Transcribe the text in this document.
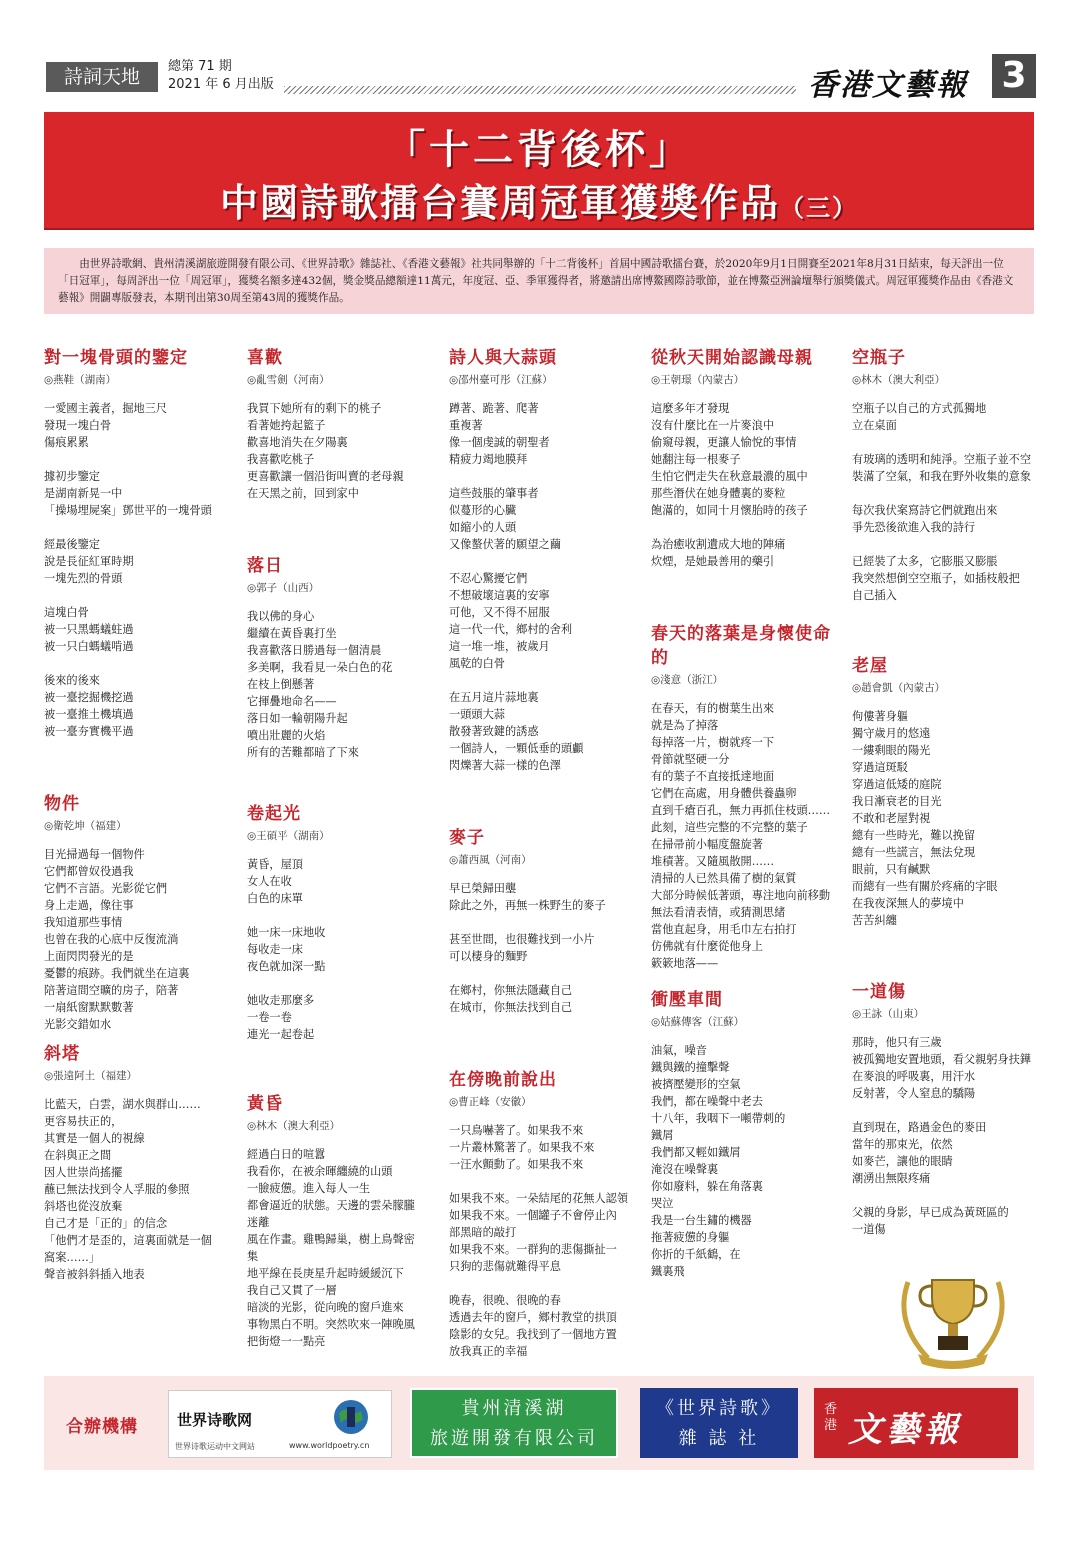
詩詞天地	總第 71 期
2021 年 6 月出版	香港文藝報 3
「十二背後杯」
中國詩歌擂台賽周冠軍獲獎作品（三）
由世界詩歌網、貴州清溪湖旅遊開發有限公司、《世界詩歌》雜誌社、《香港文藝報》社共同舉辦的「十二背後杯」首屆中國詩歌擂台賽，於2020年9月1日開賽至2021年8月31日結束，每天評出一位「日冠軍」，每周評出一位「周冠軍」，獲獎名額多達432個，獎金獎品總額達11萬元，年度冠、亞、季軍獲得者，將邀請出席博鰲國際詩歌節，並在博鰲亞洲論壇舉行頒獎儀式。周冠軍獲獎作品由《香港文藝報》開闢專版發表，本期刊出第30周至第43周的獲獎作品。
對一塊骨頭的鑒定
◎燕鞋（湖南）
一愛國主義者，掘地三尺
發現一塊白骨
傷痕累累
據初步鑒定
是湖南新晃一中
「操場埋屍案」鄧世平的一塊骨頭
經最後鑒定
說是長征紅軍時期
一塊先烈的骨頭
這塊白骨
被一只黑螞蟻蛀過
被一只白螞蟻啃過
後來的後來
被一臺挖掘機挖過
被一臺推土機填過
被一臺夯實機平過
物件
◎衛乾坤（福建）
目光掃過每一個物件
它們都曾奴役過我
它們不言語。光影從它們
身上走過，像往事
我知道那些事情
也曾在我的心底中反復流淌
上面閃閃發光的是
憂鬱的痕跡。我們就坐在這裏
陪著這間空曠的房子，陪著
一扇紙窗默默數著
光影交錯如水
斜塔
◎張遠阿土（福建）
比藍天，白雲，湖水與群山……
更容易扶正的，
其實是一個人的視線
在斜與正之間
因人世崇尚搖擺
蘸已無法找到令人孚服的參照
斜塔也從沒放棄
自己才是「正的」的信念
「他們才是歪的，這裏面就是一個
窩案……」
聲音被斜斜插入地表
喜歡
◎亂雪劍（河南）
我買下她所有的剩下的桃子
看著她挎起籃子
歡喜地消失在夕陽裏
我喜歡吃桃子
更喜歡讓一個沿街叫賣的老母親
在天黑之前，回到家中
落日
◎郭子（山西）
我以佛的身心
繼續在黃昏裏打坐
我喜歡落日勝過每一個清晨
多美啊，我看見一朵白色的花
在枝上倒懸著
它揮疊地命名——
落日如一輪朝陽升起
噴出壯麗的火焰
所有的苦難都暗了下來
卷起光
◎王碩平（湖南）
黃昏，屋頂
女人在收
白色的床單
她一床一床地收
每收走一床
夜色就加深一點
她收走那麼多
一卷一卷
連光一起卷起
黃昏
◎林木（澳大利亞）
經過白日的喧囂
我看你，在被余暉纏繞的山頭
一臉疲憊。進入每人一生
都會逼近的狀態。天邊的雲朵朦朧
迷離
風在作畫。雞鴨歸巢，樹上鳥聲密
集
地平線在長庚星升起時緩緩沉下
我自己又貫了一層
暗淡的光影，從向晚的窗戶進來
事物黑白不明。突然吹來一陣晚風
把街燈一一點亮
詩人與大蒜頭
◎邵州臺可彤（江蘇）
蹲著、跪著、爬著
重複著
像一個虔誠的朝聖者
精疲力竭地膜拜
這些鼓脹的肇事者
似蔓形的心臟
如縮小的人頭
又像螯伏著的願望之繭
不忍心驚擾它們
不想破壞這裏的安寧
可他，又不得不屈服
這一代一代，鄉村的舍利
這一堆一堆，被歲月
風乾的白骨
在五月這片蒜地裏
一頭頭大蒜
散發著致鍵的誘惑
一個詩人，一顆低垂的頭顱
閃爍著大蒜一樣的色澤
麥子
◎蕭西風（河南）
早已榮歸田壟
除此之外，再無一株野生的麥子
甚至世間，也很難找到一小片
可以棲身的麵野
在鄉村，你無法隱藏自己
在城市，你無法找到自己
在傍晚前說出
◎曹正峰（安徽）
一只鳥嚇著了。如果我不來
一片叢林驚著了。如果我不來
一汪水顫動了。如果我不來
如果我不來。一朵結尾的花無人認領
如果我不來。一個罐子不會停止內
部黑暗的敲打
如果我不來。一群狗的悲傷撕扯一
只狗的悲傷就難得平息
晚春，很晚、很晚的春
透過去年的窗戶，鄉村教堂的拱頂
陰影的女兒。我找到了一個地方置
放我真正的幸福
從秋天開始認識母親
◎王朝璟（內蒙古）
這麼多年才發現
沒有什麼比在一片麥浪中
偷窺母親，更讓人愉悅的事情
她翻注每一根麥子
生怕它們走失在秋意最濃的風中
那些潛伏在她身體裏的麥粒
飽滿的，如同十月懷胎時的孩子
為治癒收割遺成大地的陣痛
炊煙，是她最善用的藥引
春天的落葉是身懷使命的
◎淺意（浙江）
在春天，有的樹葉生出來
就是為了掉落
每掉落一片，樹就疼一下
骨節就堅硬一分
有的葉子不直接抵達地面
它們在高處，用身體供養蟲卵
直到千瘡百孔，無力再抓住枝頭……
此刻，這些完整的不完整的葉子
在掃帚前小幅度盤旋著
堆積著。又隨風散開……
清掃的人已然具備了樹的氣質
大部分時候低著頭，專注地向前移動
無法看清表情，或猜測思緒
當他直起身，用毛巾左右拍打
仿佛就有什麼從他身上
簌簌地落——
衝壓車間
◎姑蘇傳客（江蘇）
油氣，噪音
鐵與鐵的撞擊聲
被擠壓變形的空氣
我們，都在噪聲中老去
十八年，我咽下一噸帶刺的
鐵屑
我們都又輕如鐵屑
淹沒在噪聲裏
你如廢料，躲在角落裏
哭泣
我是一台生鏽的機器
拖著疲憊的身軀
你折的千紙鶴，在
鐵裏飛
空瓶子
◎林木（澳大利亞）
空瓶子以自己的方式孤獨地
立在桌面
有玻璃的透明和純淨。空瓶子並不空
裝滿了空氣，和我在野外收集的意象
每次我伏案寫詩它們就跑出來
爭先恐後欲進入我的詩行
已經裝了太多，它膨脹又膨脹
我突然想倒空空瓶子，如插枝般把
自己插入
老屋
◎趙會凱（內蒙古）
佝僂著身軀
獨守歲月的悠遠
一縷剩眼的陽光
穿過這斑駁
穿過這低矮的庭院
我日漸衰老的目光
不敢和老屋對視
總有一些時光，難以挽留
總有一些謊言，無法兌現
眼前，只有鹹默
而總有一些有關於疼痛的字眼
在我夜深無人的夢境中
苦苦糾纏
一道傷
◎王詠（山東）
那時，他只有三歲
被孤獨地安置地頭，看父親躬身扶鏵
在麥浪的呼吸裏，用汗水
反射著，令人窒息的驕陽
直到現在，路過金色的麥田
當年的那束光，依然
如麥芒，讓他的眼睛
潮湧出無限疼痛
父親的身影，早已成為黃斑區的
一道傷
合辦機構	世界诗歌网
世界诗歌运动中文网站	www.worldpoetry.cn
貴州清溪湖
旅遊開發有限公司
《世界詩歌》
雜 誌 社
香港 文藝報
